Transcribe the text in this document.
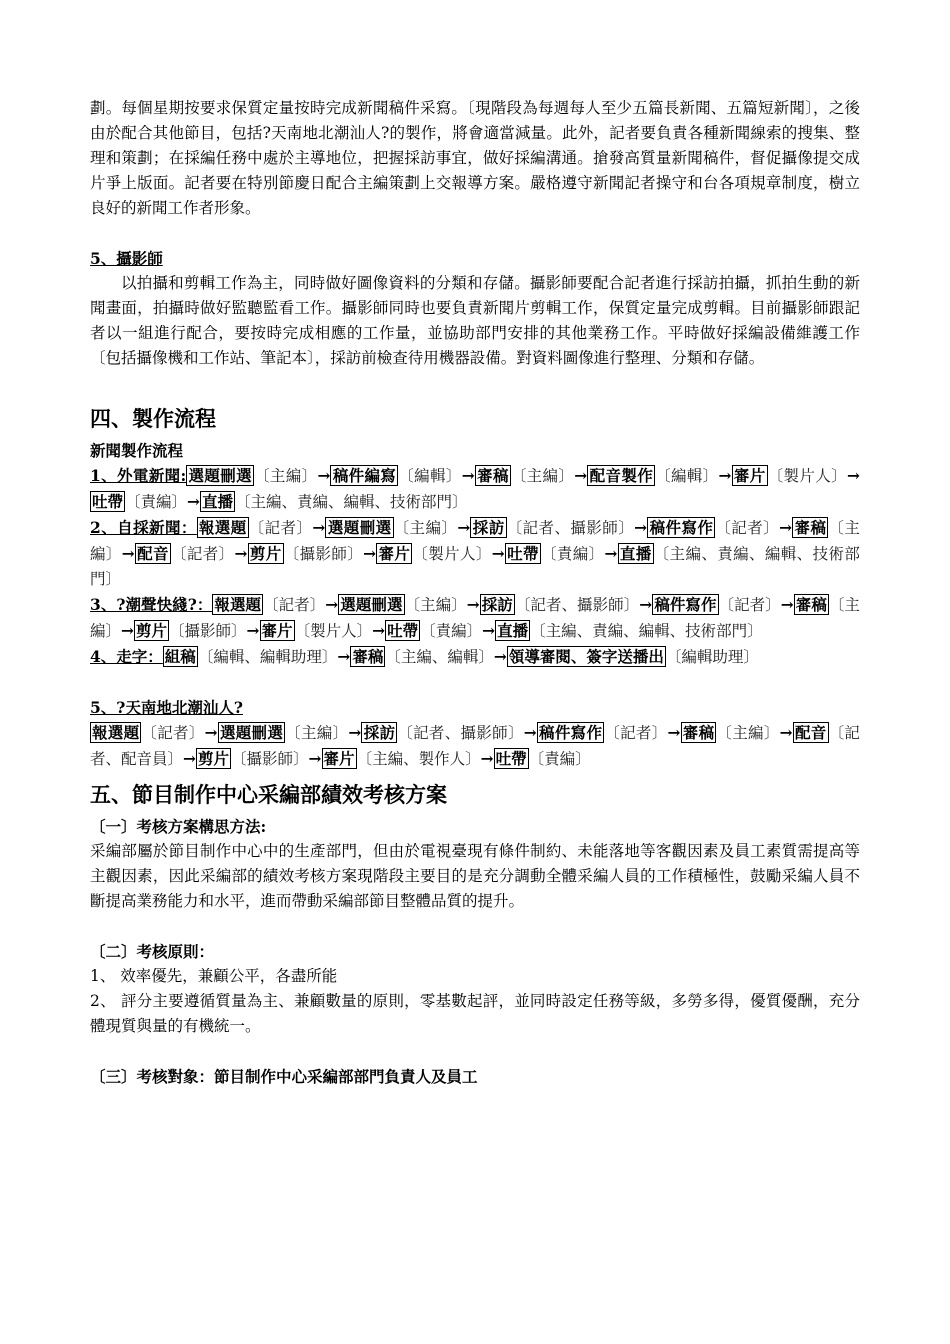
劃。每個星期按要求保質定量按時完成新聞稿件采寫。〔現階段為每週每人至少五篇長新聞、五篇短新聞〕，之後由於配合其他節目，包括?天南地北潮汕人?的製作，將會適當減量。此外，記者要負責各種新聞線索的搜集、整理和策劃；在採編任務中處於主導地位，把握採訪事宜，做好採編溝通。搶發高質量新聞稿件，督促攝像提交成片爭上版面。記者要在特別節慶日配合主編策劃上交報導方案。嚴格遵守新聞記者操守和台各項規章制度，樹立良好的新聞工作者形象。

5、攝影師

以拍攝和剪輯工作為主，同時做好圖像資料的分類和存儲。攝影師要配合記者進行採訪拍攝，抓拍生動的新聞畫面，拍攝時做好監聽監看工作。攝影師同時也要負責新聞片剪輯工作，保質定量完成剪輯。目前攝影師跟記者以一組進行配合，要按時完成相應的工作量，並協助部門安排的其他業務工作。平時做好採編設備維護工作〔包括攝像機和工作站、筆記本〕，採訪前檢查待用機器設備。對資料圖像進行整理、分類和存儲。

四、製作流程

新聞製作流程

1、外電新聞: 選題刪選 〔主編〕→ 稿件編寫 〔編輯〕→ 審稿 〔主編〕→ 配音製作 〔編輯〕→ 審片 〔製片人〕→吐帶 〔責編〕→ 直播 〔主編、責編、編輯、技術部門〕

2、自採新聞： 報選題 〔記者〕→ 選題刪選 〔主編〕→ 採訪 〔記者、攝影師〕→ 稿件寫作 〔記者〕→ 審稿 〔主編〕→ 配音 〔記者〕→ 剪片 〔攝影師〕→ 審片 〔製片人〕→ 吐帶 〔責編〕→ 直播 〔主編、責編、編輯、技術部門〕

3、?潮聲快綫?： 報選題 〔記者〕→ 選題刪選 〔主編〕→ 採訪 〔記者、攝影師〕→ 稿件寫作 〔記者〕→ 審稿 〔主編〕→ 剪片 〔攝影師〕→ 審片 〔製片人〕→ 吐帶 〔責編〕→ 直播 〔主編、責編、編輯、技術部門〕

4、走字： 組稿 〔編輯、編輯助理〕→ 審稿 〔主編、編輯〕→ 領導審閱、簽字送播出 〔編輯助理〕

5、?天南地北潮汕人?

報選題 〔記者〕→ 選題刪選 〔主編〕→ 採訪 〔記者、攝影師〕→ 稿件寫作 〔記者〕→ 審稿 〔主編〕→ 配音 〔記者、配音員〕→ 剪片 〔攝影師〕→ 審片 〔主編、製作人〕→ 吐帶 〔責編〕

五、節目制作中心采編部績效考核方案

〔一〕考核方案構思方法:

采編部屬於節目制作中心中的生產部門，但由於電視臺現有條件制約、未能落地等客觀因素及員工素質需提高等主觀因素，因此采編部的績效考核方案現階段主要目的是充分調動全體采編人員的工作積極性，鼓勵采編人員不斷提高業務能力和水平，進而帶動采編部節目整體品質的提升。

〔二〕考核原則：

1、 效率優先，兼顧公平，各盡所能

2、 評分主要遵循質量為主、兼顧數量的原則，零基數起評，並同時設定任務等級，多勞多得，優質優酬，充分體現質與量的有機統一。

〔三〕考核對象：節目制作中心采編部部門負責人及員工
